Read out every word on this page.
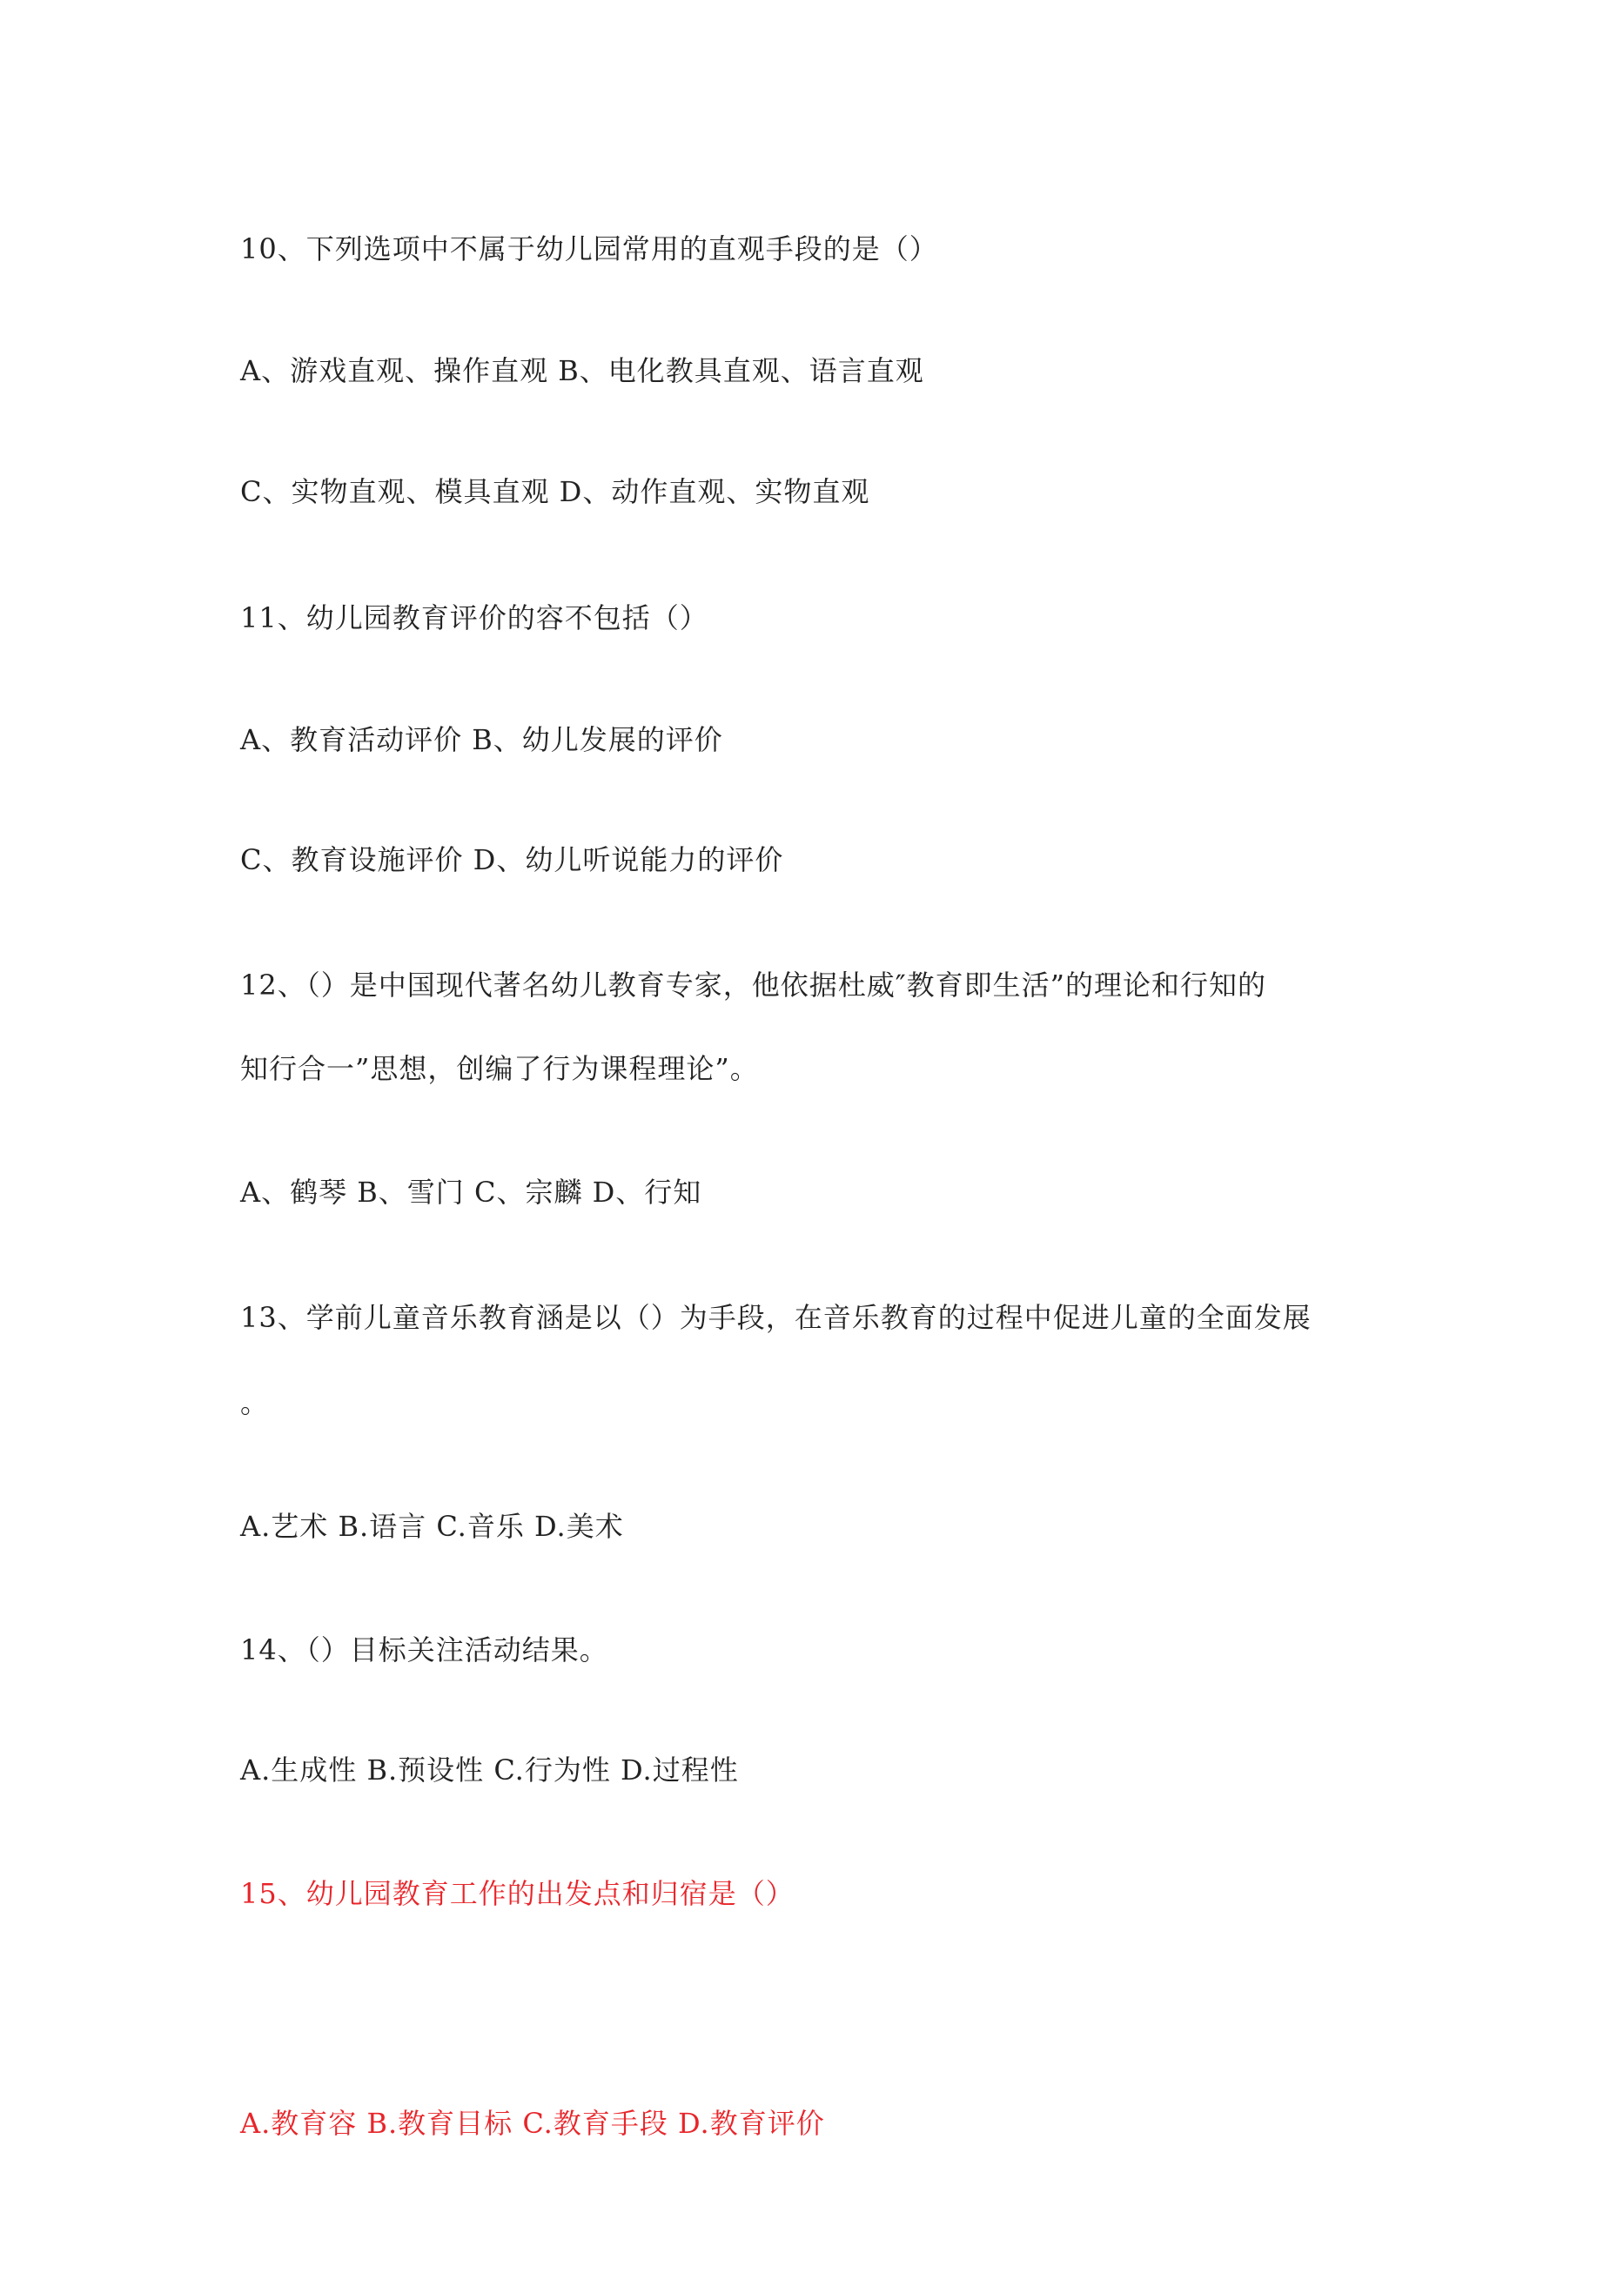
10、下列选项中不属于幼儿园常用的直观手段的是（）
A、游戏直观、操作直观 B、电化教具直观、语言直观
C、实物直观、模具直观 D、动作直观、实物直观
11、幼儿园教育评价的容不包括（）
A、教育活动评价 B、幼儿发展的评价
C、教育设施评价 D、幼儿听说能力的评价
12、（）是中国现代著名幼儿教育专家，他依据杜威″教育即生活”的理论和行知的
知行合一”思想，创编了行为课程理论”。
A、鹤琴 B、雪门 C、宗麟 D、行知
13、学前儿童音乐教育涵是以（）为手段，在音乐教育的过程中促进儿童的全面发展
。
A.艺术 B.语言 C.音乐 D.美术
14、（）目标关注活动结果。
A.生成性 B.预设性 C.行为性 D.过程性
15、幼儿园教育工作的出发点和归宿是（）
A.教育容 B.教育目标 C.教育手段 D.教育评价
